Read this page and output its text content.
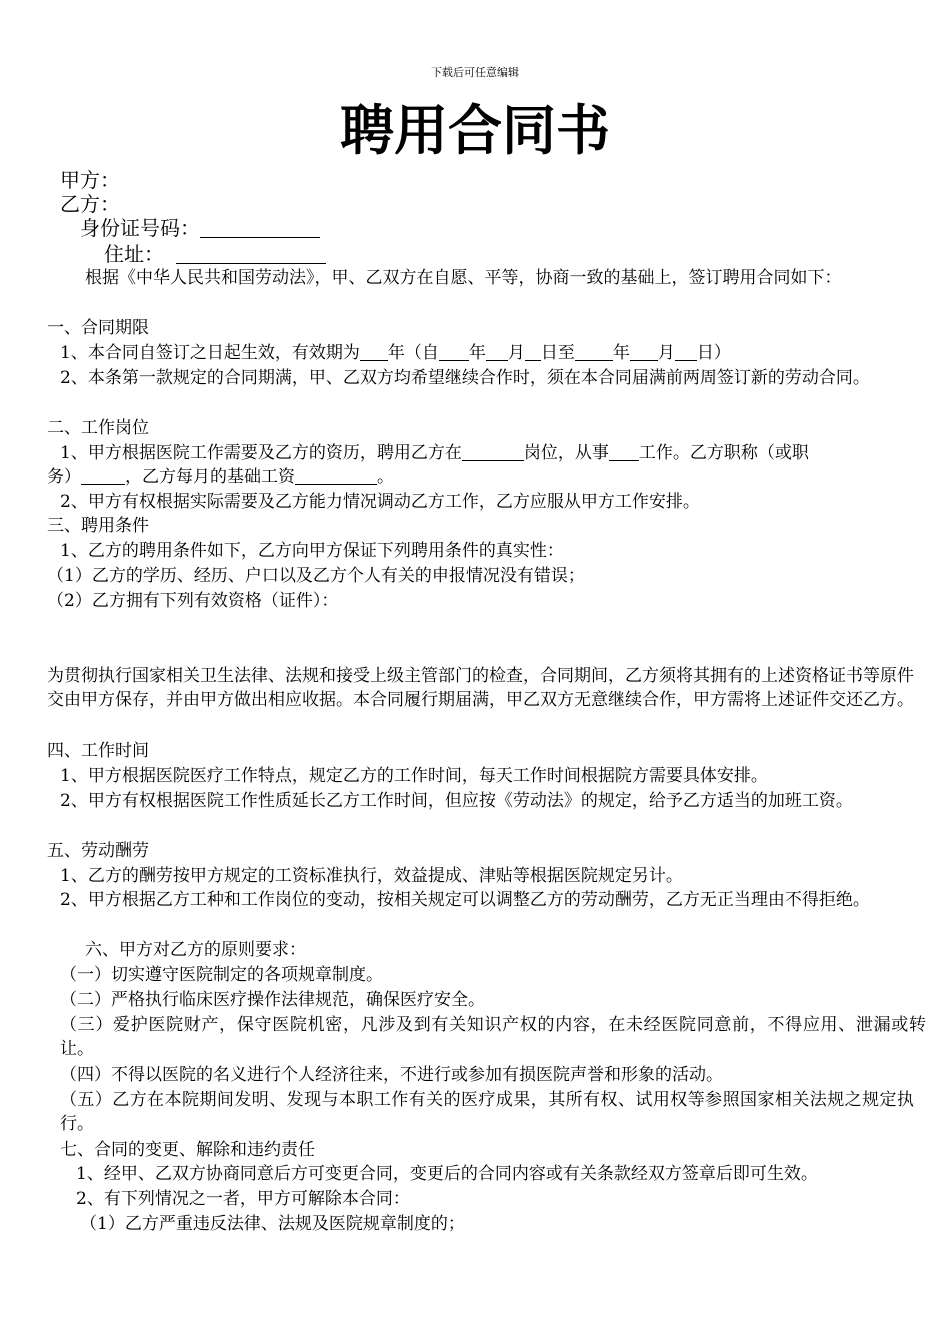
下载后可任意编辑
聘用合同书
甲方：
乙方：
身份证号码：
住址：
根据《中华人民共和国劳动法》，甲、乙双方在自愿、平等，协商一致的基础上，签订聘用合同如下：
一、合同期限
1、本合同自签订之日起生效，有效期为 年（自 年 月 日至 年 月 日）
2、本条第一款规定的合同期满，甲、乙双方均希望继续合作时，须在本合同届满前两周签订新的劳动合同。
二、工作岗位
1、甲方根据医院工作需要及乙方的资历，聘用乙方在	岗位，从事 工作。乙方职称（或职
务）	，乙方每月的基础工资	。
2、甲方有权根据实际需要及乙方能力情况调动乙方工作，乙方应服从甲方工作安排。
三、聘用条件
1、乙方的聘用条件如下，乙方向甲方保证下列聘用条件的真实性：
（1）乙方的学历、经历、户口以及乙方个人有关的申报情况没有错误；
（2）乙方拥有下列有效资格（证件）：
为贯彻执行国家相关卫生法律、法规和接受上级主管部门的检查，合同期间，乙方须将其拥有的上述资格证书等原件交由甲方保存，并由甲方做出相应收据。本合同履行期届满，甲乙双方无意继续合作，甲方需将上述证件交还乙方。
四、工作时间
1、甲方根据医院医疗工作特点，规定乙方的工作时间，每天工作时间根据院方需要具体安排。
2、甲方有权根据医院工作性质延长乙方工作时间，但应按《劳动法》的规定，给予乙方适当的加班工资。
五、劳动酬劳
1、乙方的酬劳按甲方规定的工资标准执行，效益提成、津贴等根据医院规定另计。
2、甲方根据乙方工种和工作岗位的变动，按相关规定可以调整乙方的劳动酬劳，乙方无正当理由不得拒绝。
六、甲方对乙方的原则要求：
（一）切实遵守医院制定的各项规章制度。
（二）严格执行临床医疗操作法律规范，确保医疗安全。
（三）爱护医院财产，保守医院机密，凡涉及到有关知识产权的内容，在未经医院同意前，不得应用、泄漏或转让。
（四）不得以医院的名义进行个人经济往来，不进行或参加有损医院声誉和形象的活动。
（五）乙方在本院期间发明、发现与本职工作有关的医疗成果，其所有权、试用权等参照国家相关法规之规定执行。
七、合同的变更、解除和违约责任
1、经甲、乙双方协商同意后方可变更合同，变更后的合同内容或有关条款经双方签章后即可生效。
2、有下列情况之一者，甲方可解除本合同：
（1）乙方严重违反法律、法规及医院规章制度的；
